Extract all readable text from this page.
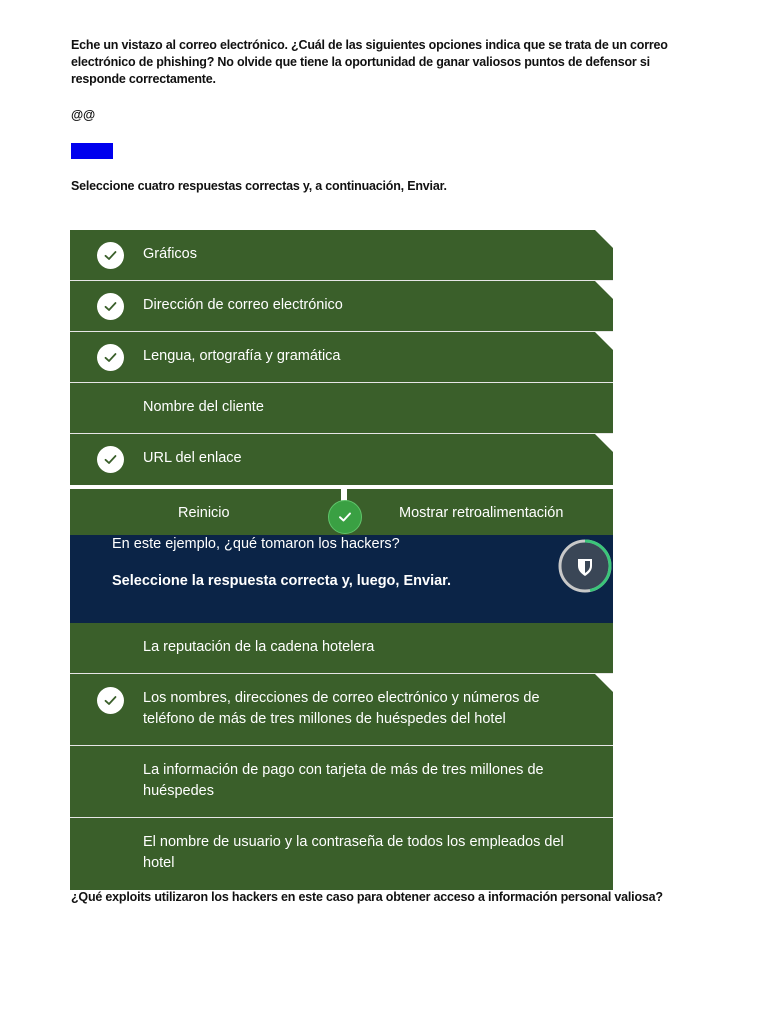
Eche un vistazo al correo electrónico. ¿Cuál de las siguientes opciones indica que se trata de un correo electrónico de phishing? No olvide que tiene la oportunidad de ganar valiosos puntos de defensor si responde correctamente.
@@
Spoiler
Seleccione cuatro respuestas correctas y, a continuación, Enviar.
Gráficos
Dirección de correo electrónico
Lengua, ortografía y gramática
Nombre del cliente
URL del enlace
Reinicio	Mostrar retroalimentación
En este ejemplo, ¿qué tomaron los hackers?
Seleccione la respuesta correcta y, luego, Enviar.
La reputación de la cadena hotelera
Los nombres, direcciones de correo electrónico y números de teléfono de más de tres millones de huéspedes del hotel
La información de pago con tarjeta de más de tres millones de huéspedes
El nombre de usuario y la contraseña de todos los empleados del hotel
¿Qué exploits utilizaron los hackers en este caso para obtener acceso a información personal valiosa?
